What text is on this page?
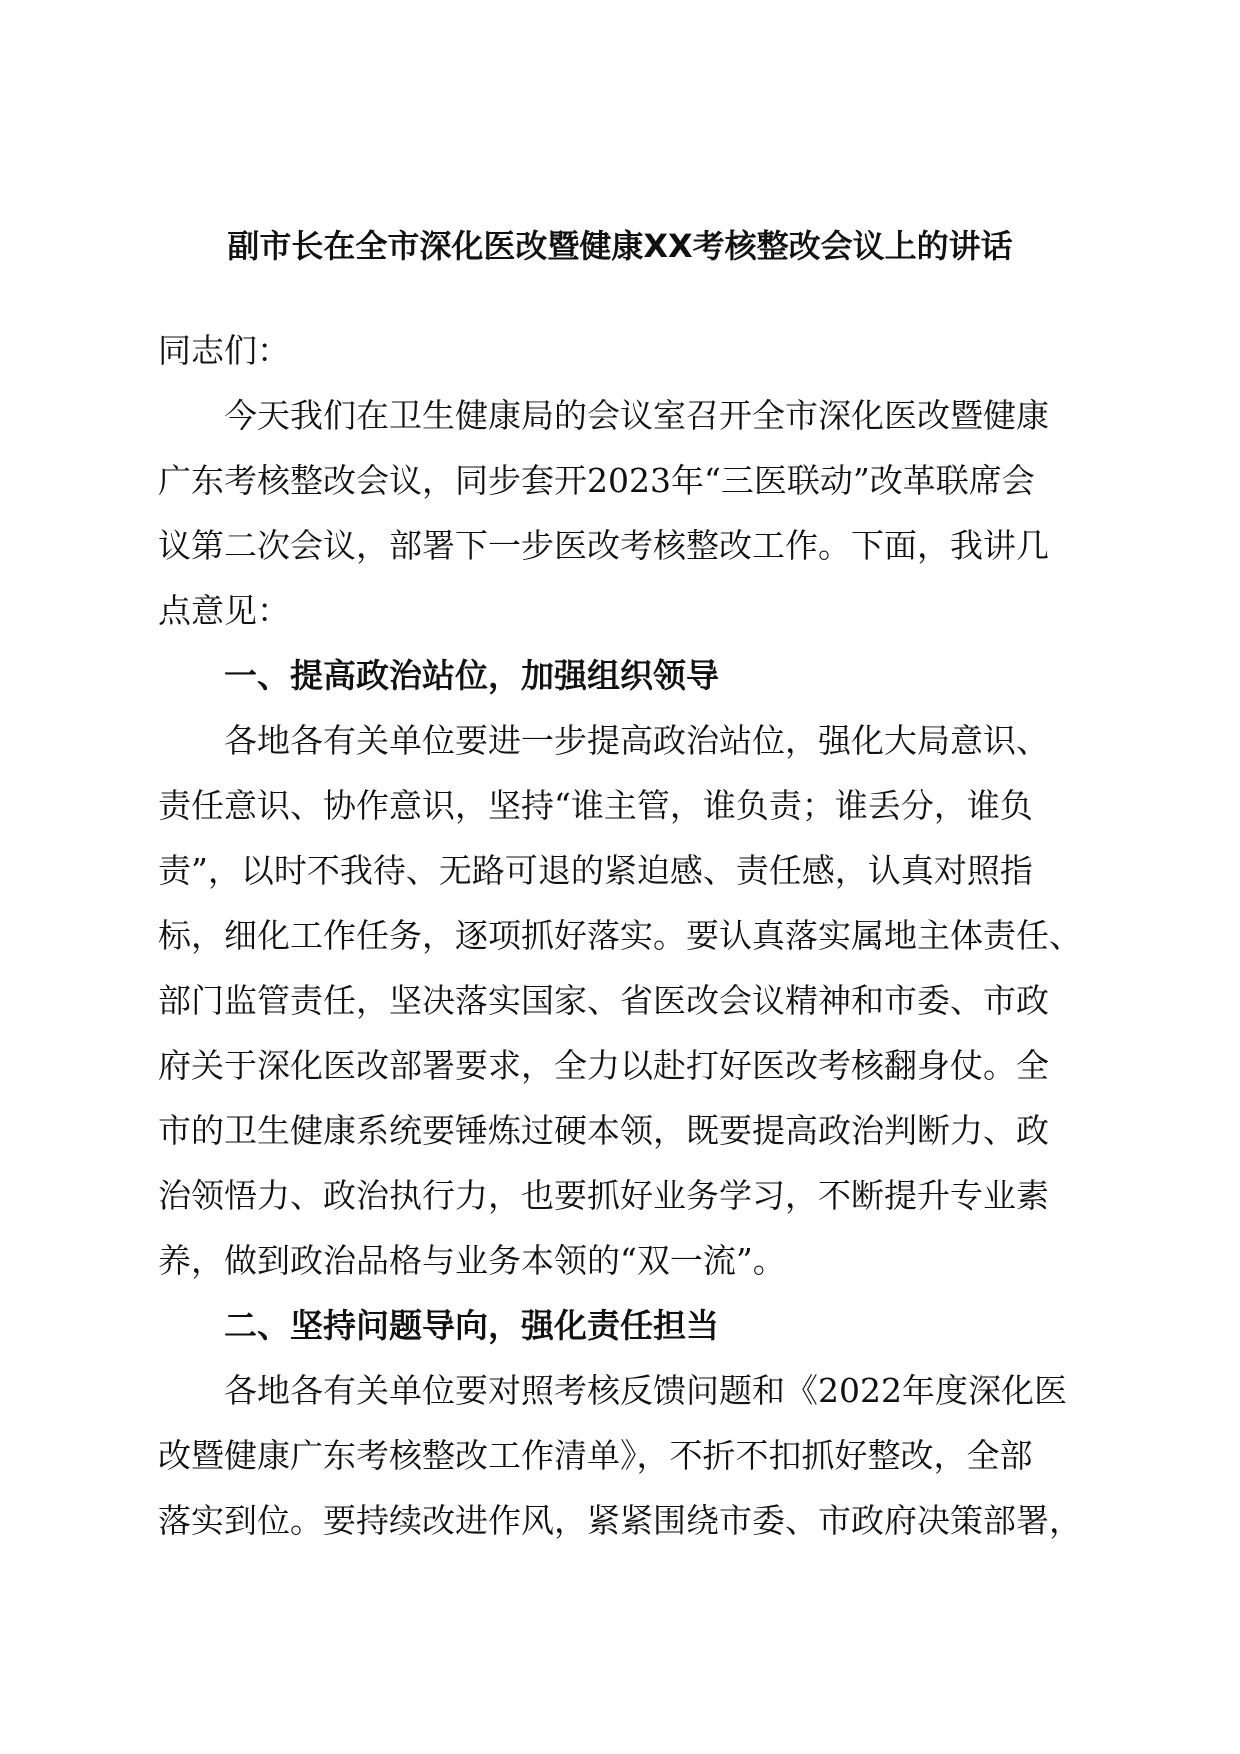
副市长在全市深化医改暨健康XX考核整改会议上的讲话
同志们：
今天我们在卫生健康局的会议室召开全市深化医改暨健康
广东考核整改会议，同步套开2023年“三医联动”改革联席会
议第二次会议，部署下一步医改考核整改工作。下面，我讲几
点意见：
一、提高政治站位，加强组织领导
各地各有关单位要进一步提高政治站位，强化大局意识、
责任意识、协作意识，坚持“谁主管，谁负责；谁丢分，谁负
责”，以时不我待、无路可退的紧迫感、责任感，认真对照指
标，细化工作任务，逐项抓好落实。要认真落实属地主体责任、
部门监管责任，坚决落实国家、省医改会议精神和市委、市政
府关于深化医改部署要求，全力以赴打好医改考核翻身仗。全
市的卫生健康系统要锤炼过硬本领，既要提高政治判断力、政
治领悟力、政治执行力，也要抓好业务学习，不断提升专业素
养，做到政治品格与业务本领的“双一流”。
二、坚持问题导向，强化责任担当
各地各有关单位要对照考核反馈问题和《2022年度深化医
改暨健康广东考核整改工作清单》，不折不扣抓好整改，全部
落实到位。要持续改进作风，紧紧围绕市委、市政府决策部署，
